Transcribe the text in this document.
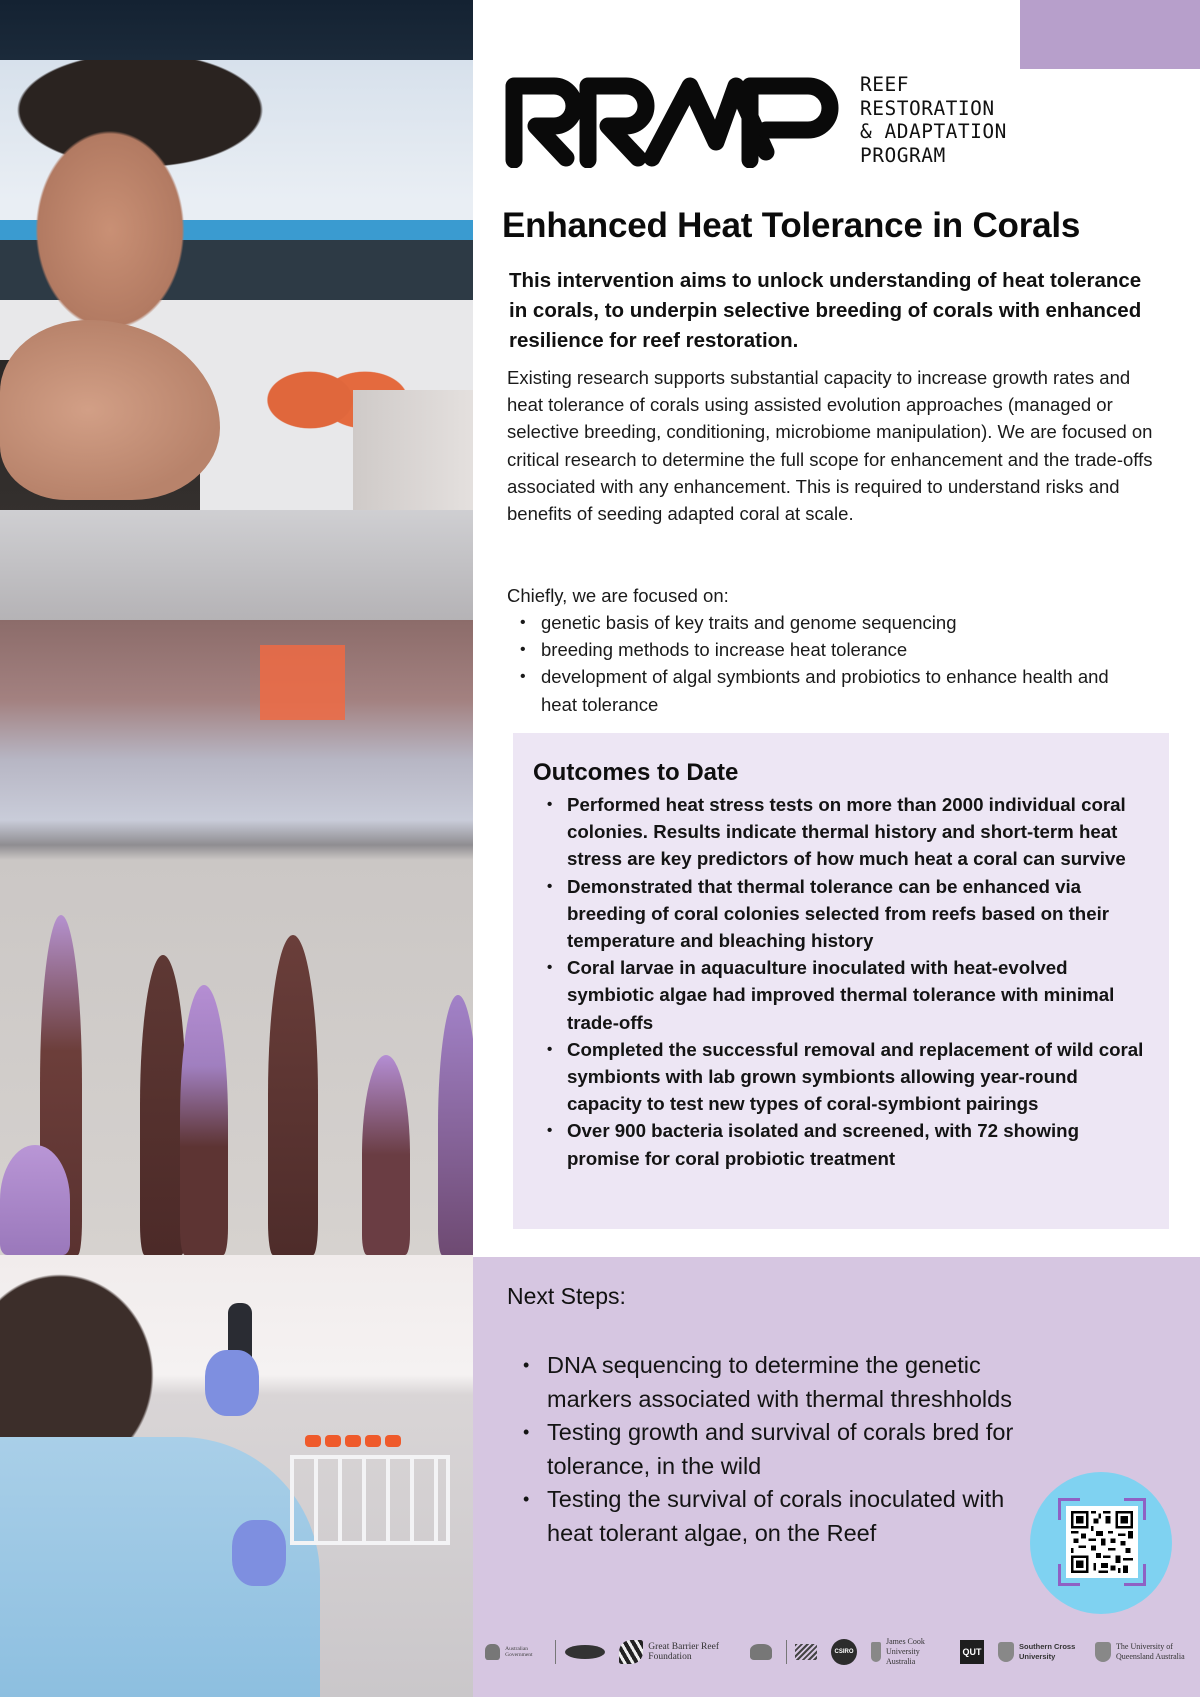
REEF
RESTORATION
& ADAPTATION
PROGRAM
Enhanced Heat Tolerance in Corals

This intervention aims to unlock understanding of heat tolerance in corals, to underpin selective breeding of corals with enhanced resilience for reef restoration.

Existing research supports substantial capacity to increase growth rates and heat tolerance of corals using assisted evolution approaches (managed or selective breeding, conditioning, microbiome manipulation). We are focused on critical research to determine the full scope for enhancement and the trade-offs associated with any enhancement. This is required to understand risks and benefits of seeding adapted coral at scale.

Chiefly, we are focused on:

• genetic basis of key traits and genome sequencing
• breeding methods to increase heat tolerance
• development of algal symbionts and probiotics to enhance health and heat tolerance
Outcomes to Date
• Performed heat stress tests on more than 2000 individual coral colonies. Results indicate thermal history and short-term heat stress are key predictors of how much heat a coral can survive
• Demonstrated that thermal tolerance can be enhanced via breeding of coral colonies selected from reefs based on their temperature and bleaching history
• Coral larvae in aquaculture inoculated with heat-evolved symbiotic algae had improved thermal tolerance with minimal trade-offs
• Completed the successful removal and replacement of wild coral symbionts with lab grown symbionts allowing year-round capacity to test new types of coral-symbiont pairings
• Over 900 bacteria isolated and screened, with 72 showing promise for coral probiotic treatment
Next Steps:
• DNA sequencing to determine the genetic markers associated with thermal threshholds
• Testing growth and survival of corals bred for tolerance, in the wild
• Testing the survival of corals inoculated with heat tolerant algae, on the Reef
Australian Government
Great Barrier Reef Foundation	CSIRO
James Cook University Australia
QUT
Southern Cross University
The University of Queensland Australia
